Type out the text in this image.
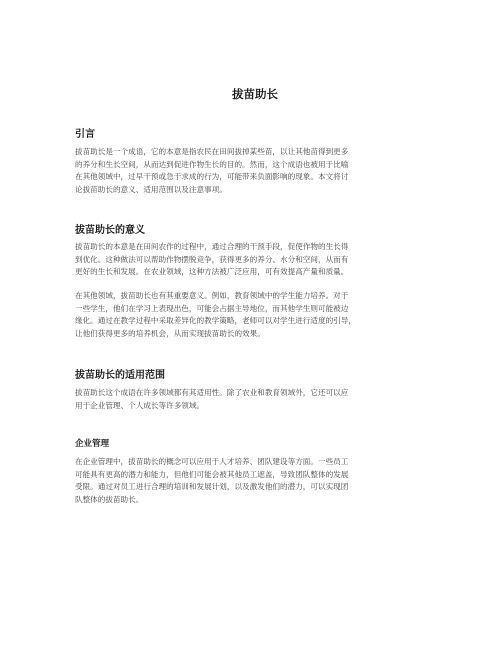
拔苗助长
引言

拔苗助长是一个成语，它的本意是指农民在田间拔掉某些苗，以让其他苗得到更多
的养分和生长空间，从而达到促进作物生长的目的。然而，这个成语也被用于比喻
在其他领域中，过早干预或急于求成的行为，可能带来负面影响的现象。本文将讨
论拔苗助长的意义、适用范围以及注意事项。

拔苗助长的意义

拔苗助长的本意是在田间农作的过程中，通过合理的干预手段，促使作物的生长得
到优化。这种做法可以帮助作物摆脱竞争，获得更多的养分、水分和空间，从而有
更好的生长和发展。在农业领域，这种方法被广泛应用，可有效提高产量和质量。

在其他领域，拔苗助长也有其重要意义。例如，教育领域中的学生能力培养。对于
一些学生，他们在学习上表现出色，可能会占据主导地位，而其他学生则可能被边
缘化。通过在教学过程中采取差异化的教学策略，老师可以对学生进行适度的引导，
让他们获得更多的培养机会，从而实现拔苗助长的效果。

拔苗助长的适用范围

拔苗助长这个成语在许多领域都有其适用性。除了农业和教育领域外，它还可以应
用于企业管理、个人成长等许多领域。

企业管理

在企业管理中，拔苗助长的概念可以应用于人才培养、团队建设等方面。一些员工
可能具有更高的潜力和能力，但他们可能会被其他员工遮盖，导致团队整体的发展
受限。通过对员工进行合理的培训和发展计划，以及激发他们的潜力，可以实现团
队整体的拔苗助长。
